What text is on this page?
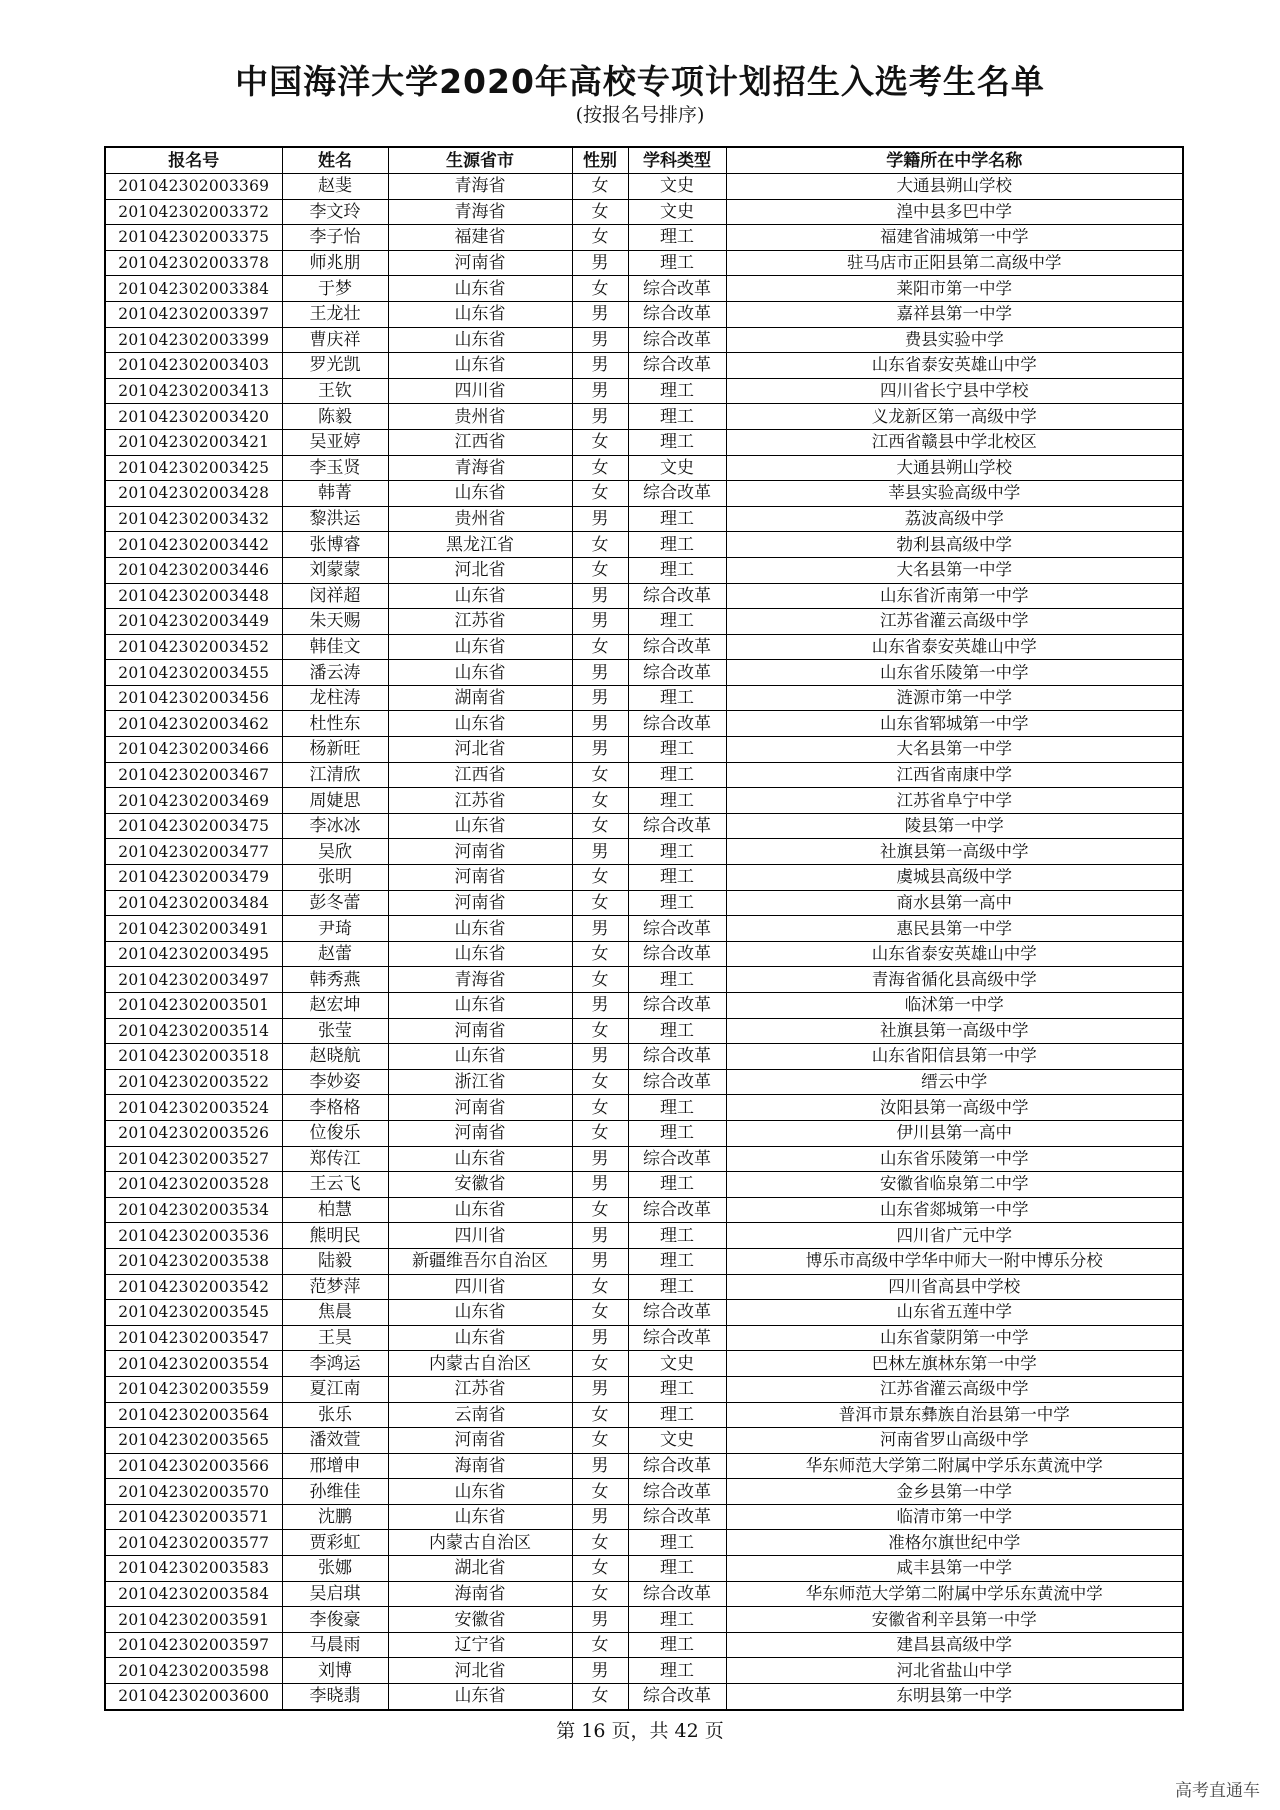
中国海洋大学2020年高校专项计划招生入选考生名单
(按报名号排序)
报名号	姓名	生源省市	性别	学科类型	学籍所在中学名称
201042302003369	赵斐	青海省	女	文史	大通县朔山学校
201042302003372	李文玲	青海省	女	文史	湟中县多巴中学
201042302003375	李子怡	福建省	女	理工	福建省浦城第一中学
201042302003378	师兆朋	河南省	男	理工	驻马店市正阳县第二高级中学
201042302003384	于梦	山东省	女	综合改革	莱阳市第一中学
201042302003397	王龙壮	山东省	男	综合改革	嘉祥县第一中学
201042302003399	曹庆祥	山东省	男	综合改革	费县实验中学
201042302003403	罗光凯	山东省	男	综合改革	山东省泰安英雄山中学
201042302003413	王钦	四川省	男	理工	四川省长宁县中学校
201042302003420	陈毅	贵州省	男	理工	义龙新区第一高级中学
201042302003421	吴亚婷	江西省	女	理工	江西省赣县中学北校区
201042302003425	李玉贤	青海省	女	文史	大通县朔山学校
201042302003428	韩菁	山东省	女	综合改革	莘县实验高级中学
201042302003432	黎洪运	贵州省	男	理工	荔波高级中学
201042302003442	张博睿	黑龙江省	女	理工	勃利县高级中学
201042302003446	刘蒙蒙	河北省	女	理工	大名县第一中学
201042302003448	闵祥超	山东省	男	综合改革	山东省沂南第一中学
201042302003449	朱天赐	江苏省	男	理工	江苏省灌云高级中学
201042302003452	韩佳文	山东省	女	综合改革	山东省泰安英雄山中学
201042302003455	潘云涛	山东省	男	综合改革	山东省乐陵第一中学
201042302003456	龙柱涛	湖南省	男	理工	涟源市第一中学
201042302003462	杜性东	山东省	男	综合改革	山东省郓城第一中学
201042302003466	杨新旺	河北省	男	理工	大名县第一中学
201042302003467	江清欣	江西省	女	理工	江西省南康中学
201042302003469	周婕思	江苏省	女	理工	江苏省阜宁中学
201042302003475	李冰冰	山东省	女	综合改革	陵县第一中学
201042302003477	吴欣	河南省	男	理工	社旗县第一高级中学
201042302003479	张明	河南省	女	理工	虞城县高级中学
201042302003484	彭冬蕾	河南省	女	理工	商水县第一高中
201042302003491	尹琦	山东省	男	综合改革	惠民县第一中学
201042302003495	赵蕾	山东省	女	综合改革	山东省泰安英雄山中学
201042302003497	韩秀燕	青海省	女	理工	青海省循化县高级中学
201042302003501	赵宏坤	山东省	男	综合改革	临沭第一中学
201042302003514	张莹	河南省	女	理工	社旗县第一高级中学
201042302003518	赵晓航	山东省	男	综合改革	山东省阳信县第一中学
201042302003522	李妙姿	浙江省	女	综合改革	缙云中学
201042302003524	李格格	河南省	女	理工	汝阳县第一高级中学
201042302003526	位俊乐	河南省	女	理工	伊川县第一高中
201042302003527	郑传江	山东省	男	综合改革	山东省乐陵第一中学
201042302003528	王云飞	安徽省	男	理工	安徽省临泉第二中学
201042302003534	柏慧	山东省	女	综合改革	山东省郯城第一中学
201042302003536	熊明民	四川省	男	理工	四川省广元中学
201042302003538	陆毅	新疆维吾尔自治区	男	理工	博乐市高级中学华中师大一附中博乐分校
201042302003542	范梦萍	四川省	女	理工	四川省高县中学校
201042302003545	焦晨	山东省	女	综合改革	山东省五莲中学
201042302003547	王昊	山东省	男	综合改革	山东省蒙阴第一中学
201042302003554	李鸿运	内蒙古自治区	女	文史	巴林左旗林东第一中学
201042302003559	夏江南	江苏省	男	理工	江苏省灌云高级中学
201042302003564	张乐	云南省	女	理工	普洱市景东彝族自治县第一中学
201042302003565	潘效萱	河南省	女	文史	河南省罗山高级中学
201042302003566	邢增申	海南省	男	综合改革	华东师范大学第二附属中学乐东黄流中学
201042302003570	孙维佳	山东省	女	综合改革	金乡县第一中学
201042302003571	沈鹏	山东省	男	综合改革	临清市第一中学
201042302003577	贾彩虹	内蒙古自治区	女	理工	准格尔旗世纪中学
201042302003583	张娜	湖北省	女	理工	咸丰县第一中学
201042302003584	吴启琪	海南省	女	综合改革	华东师范大学第二附属中学乐东黄流中学
201042302003591	李俊豪	安徽省	男	理工	安徽省利辛县第一中学
201042302003597	马晨雨	辽宁省	女	理工	建昌县高级中学
201042302003598	刘博	河北省	男	理工	河北省盐山中学
201042302003600	李晓翡	山东省	女	综合改革	东明县第一中学
第 16 页，共 42 页
高考直通车
